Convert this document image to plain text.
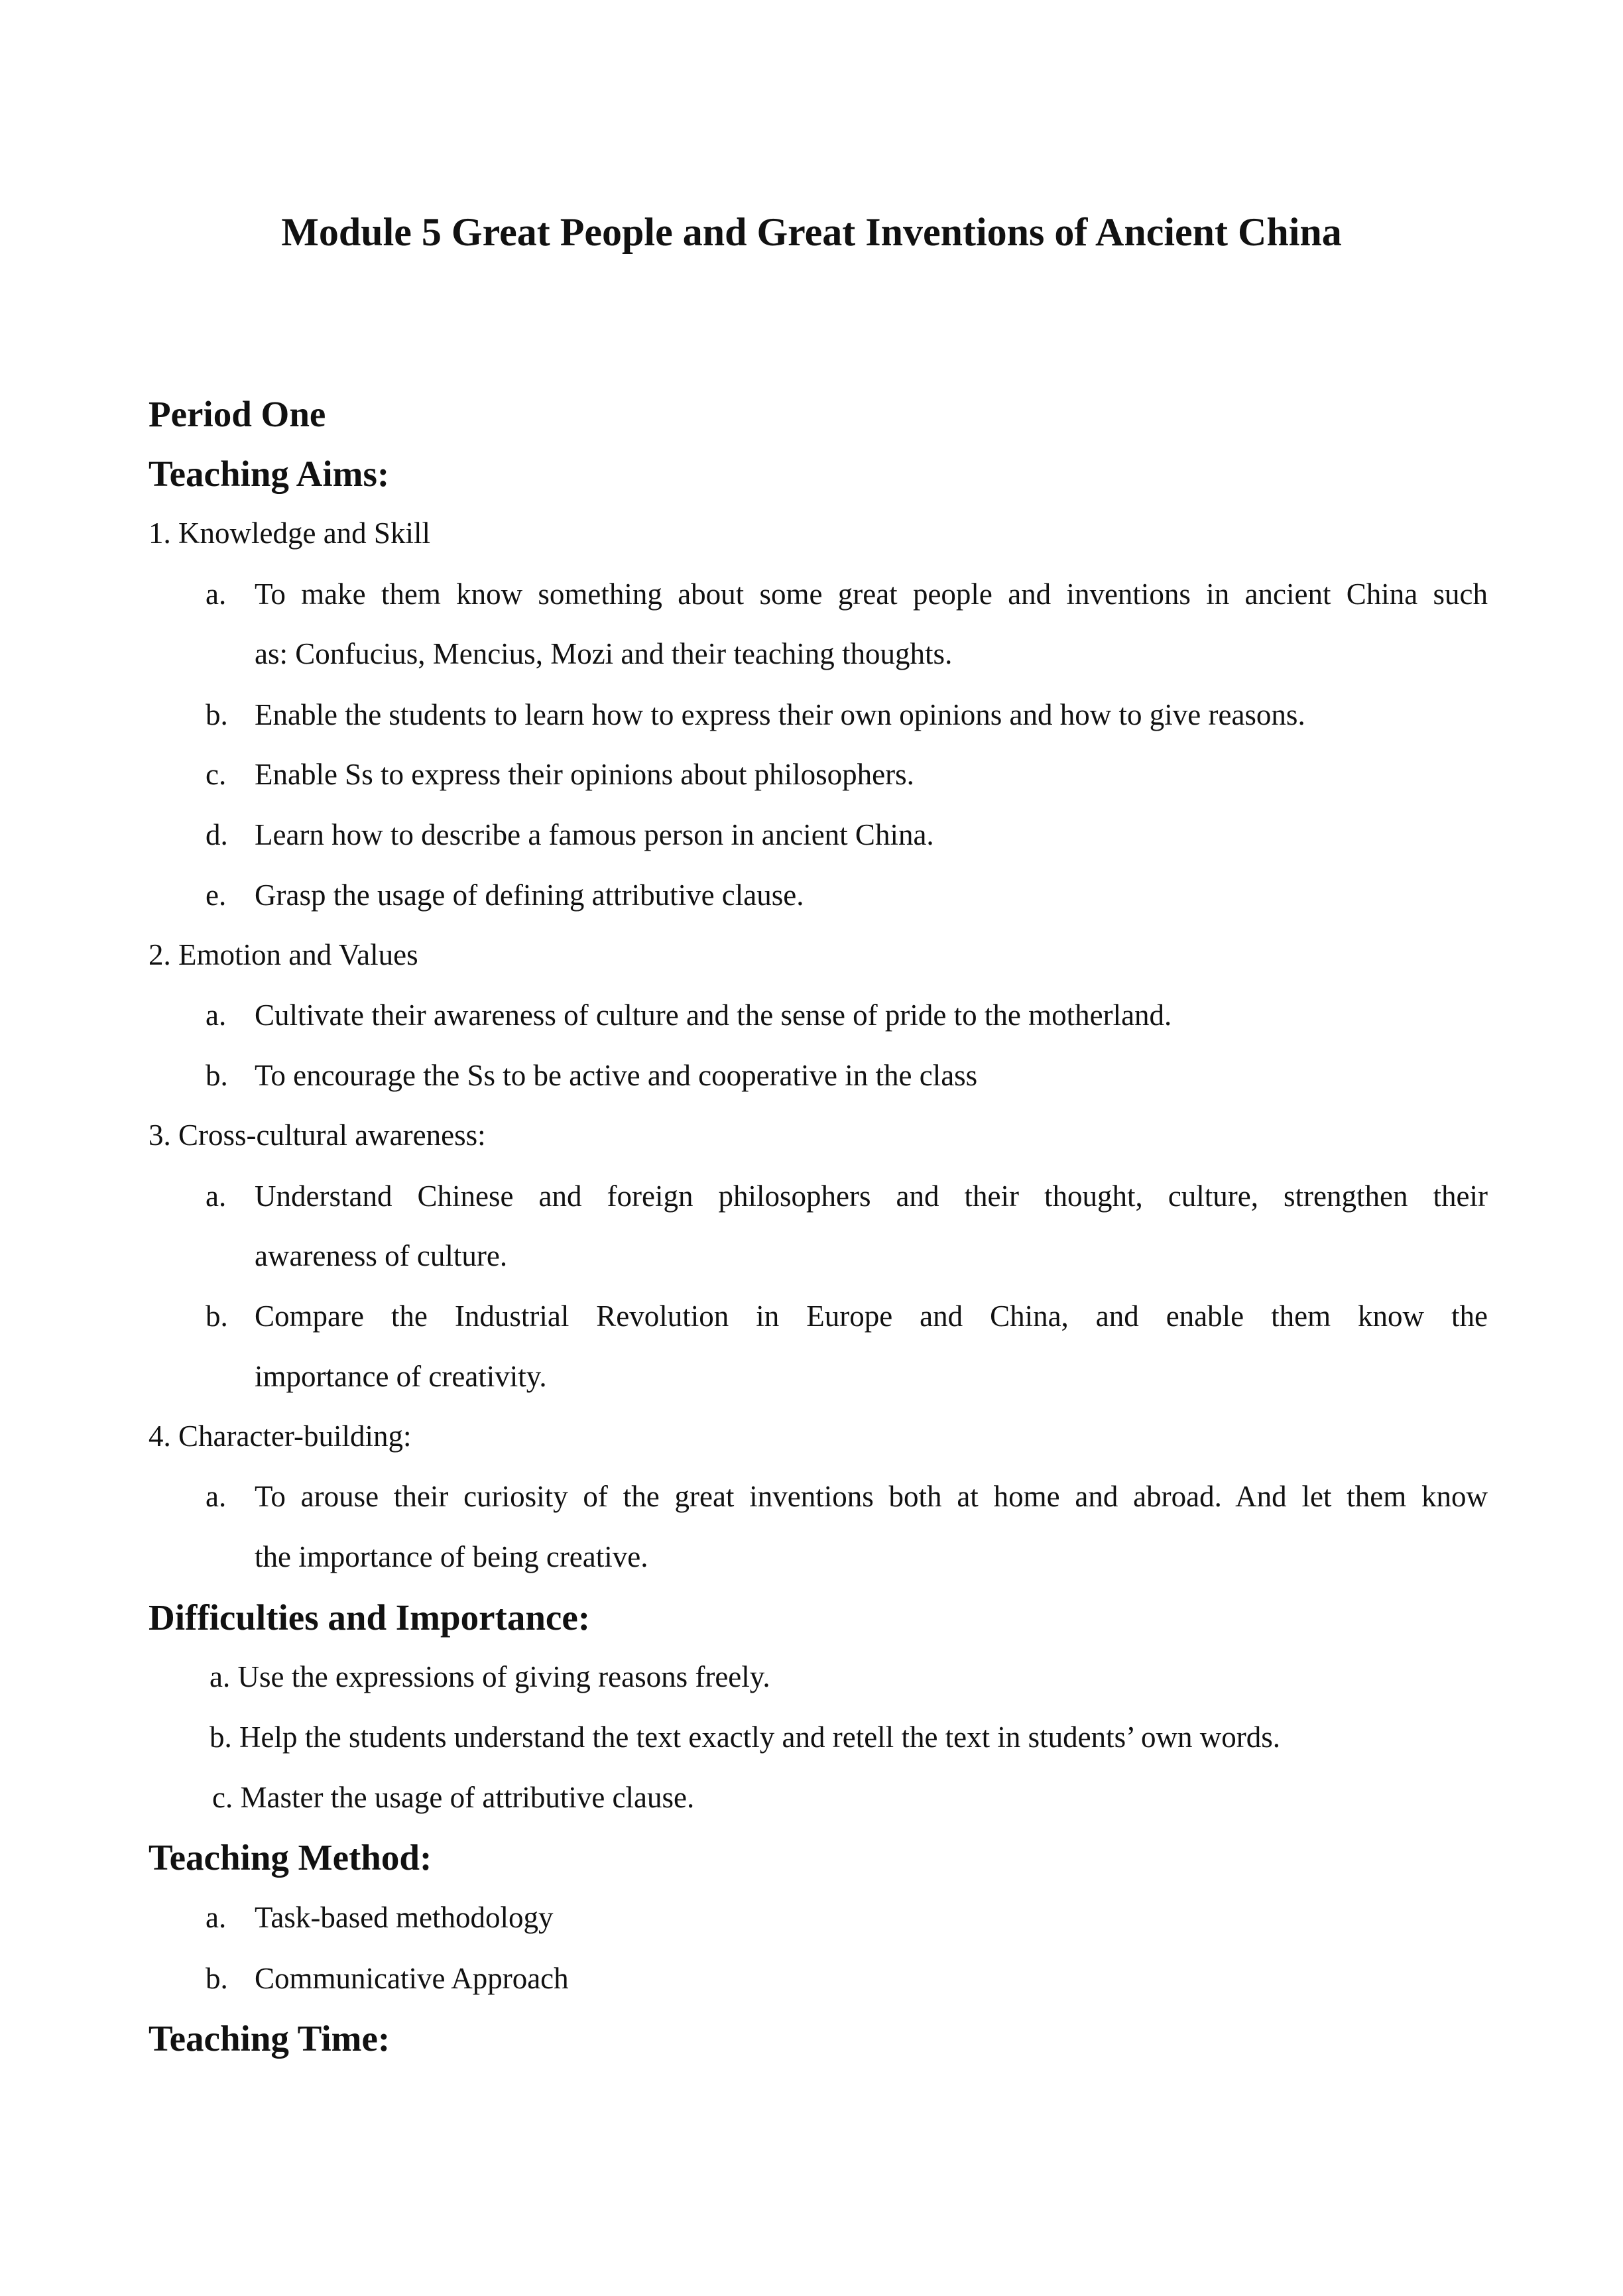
Module 5 Great People and Great Inventions of Ancient China
Period One
Teaching Aims:
1. Knowledge and Skill
a. To make them know something about some great people and inventions in ancient China such
as: Confucius, Mencius, Mozi and their teaching thoughts.
b. Enable the students to learn how to express their own opinions and how to give reasons.
c. Enable Ss to express their opinions about philosophers.
d. Learn how to describe a famous person in ancient China.
e. Grasp the usage of defining attributive clause.
2. Emotion and Values
a. Cultivate their awareness of culture and the sense of pride to the motherland.
b. To encourage the Ss to be active and cooperative in the class
3. Cross-cultural awareness:
a. Understand Chinese and foreign philosophers and their thought, culture, strengthen their
awareness of culture.
b. Compare the Industrial Revolution in Europe and China, and enable them know the
importance of creativity.
4. Character-building:
a. To arouse their curiosity of the great inventions both at home and abroad. And let them know
the importance of being creative.
Difficulties and Importance:
a. Use the expressions of giving reasons freely.
b. Help the students understand the text exactly and retell the text in students’ own words.
c. Master the usage of attributive clause.
Teaching Method:
a. Task-based methodology
b. Communicative Approach
Teaching Time:
